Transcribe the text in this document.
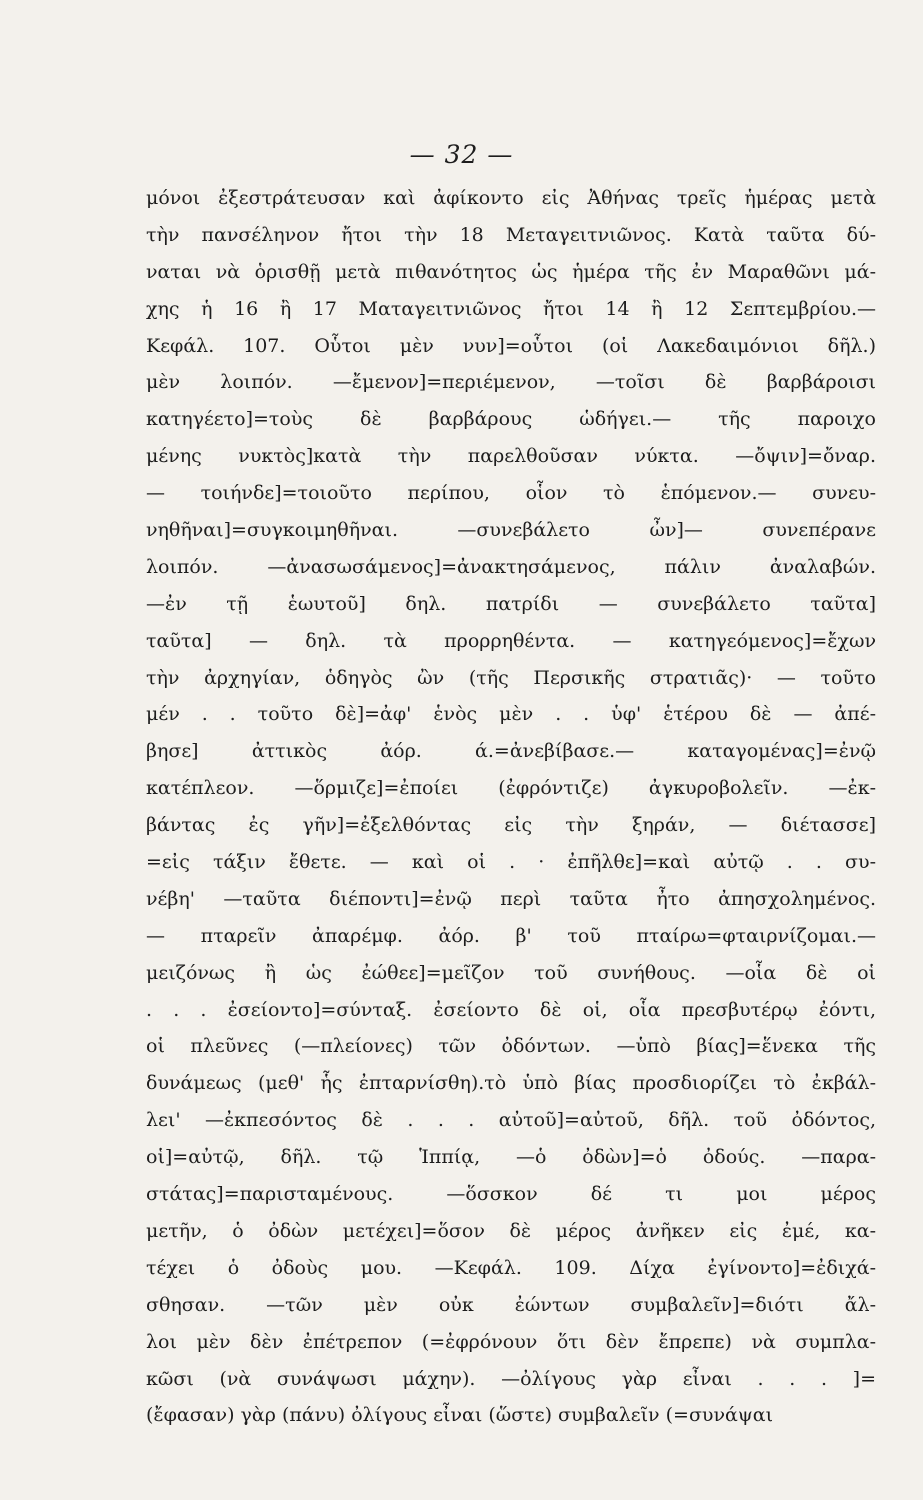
— 32 —
μόνοι ἐξεστράτευσαν καὶ ἀφίκοντο εἰς Ἀθήνας τρεῖς ἡμέρας μετὰ
τὴν πανσέληνον ἤτοι τὴν 18 Μεταγειτνιῶνος. Κατὰ ταῦτα δύ-
ναται νὰ ὁρισθῇ μετὰ πιθανότητος ὡς ἡμέρα τῆς ἐν Μαραθῶνι μά-
χης ἡ 16 ἢ 17 Ματαγειτνιῶνος ἤτοι 14 ἢ 12 Σεπτεμβρίου.—
Κεφάλ. 107. Οὗτοι μὲν νυν]=οὗτοι (οἱ Λακεδαιμόνιοι δῆλ.)
μὲν λοιπόν. —ἔμενον]=περιέμενον, —τοῖσι δὲ βαρβάροισι
κατηγέετο]=τοὺς δὲ βαρβάρους ὡδήγει.— τῆς παροιχο
μένης νυκτὸς]κατὰ τὴν παρελθοῦσαν νύκτα. —ὄψιν]=ὄναρ.
— τοιήνδε]=τοιοῦτο περίπου, οἷον τὸ ἑπόμενον.— συνευ-
νηθῆναι]=συγκοιμηθῆναι. —συνεβάλετο ὦν]— συνεπέρανε
λοιπόν. —ἀνασωσάμενος]=ἀνακτησάμενος, πάλιν ἀναλαβών.
—ἐν τῇ ἑωυτοῦ] δηλ. πατρίδι — συνεβάλετο ταῦτα]
ταῦτα] — δηλ. τὰ προρρηθέντα. — κατηγεόμενος]=ἔχων
τὴν ἀρχηγίαν, ὁδηγὸς ὢν (τῆς Περσικῆς στρατιᾶς)· — τοῦτο
μέν . . τοῦτο δὲ]=ἀφ' ἑνὸς μὲν . . ὑφ' ἑτέρου δὲ — ἀπέ-
βησε] ἀττικὸς ἀόρ. ά.=ἀνεβίβασε.— καταγομένας]=ἐνῷ
κατέπλεον. —ὅρμιζε]=ἐποίει (ἐφρόντιζε) ἀγκυροβολεῖν. —ἐκ-
βάντας ἐς γῆν]=ἐξελθόντας εἰς τὴν ξηράν, — διέτασσε]
=εἰς τάξιν ἔθετε. — καὶ οἱ . · ἐπῆλθε]=καὶ αὐτῷ . . συ-
νέβη' —ταῦτα διέποντι]=ἐνῷ περὶ ταῦτα ἦτο ἀπησχολημένος.
— πταρεῖν ἀπαρέμφ. ἀόρ. β' τοῦ πταίρω=φταιρνίζομαι.—
μειζόνως ἢ ὡς ἐώθεε]=μεῖζον τοῦ συνήθους. —οἷα δὲ οἱ
. . . ἐσείοντο]=σύνταξ. ἐσείοντο δὲ οἱ, οἷα πρεσβυτέρῳ ἐόντι,
οἱ πλεῦνες (—πλείονες) τῶν ὀδόντων. —ὑπὸ βίας]=ἕνεκα τῆς
δυνάμεως (μεθ' ἧς ἐπταρνίσθη).τὸ ὑπὸ βίας προσδιορίζει τὸ ἐκβάλ-
λει' —ἐκπεσόντος δὲ . . . αὐτοῦ]=αὐτοῦ, δῆλ. τοῦ ὀδόντος,
οἱ]=αὐτῷ, δῆλ. τῷ Ἱππίᾳ, —ὁ ὀδὼν]=ὁ ὀδούς. —παρα-
στάτας]=παρισταμένους. —ὅσσκον δέ τι μοι μέρος
μετῆν, ὁ ὀδὼν μετέχει]=ὅσον δὲ μέρος ἀνῆκεν εἰς ἐμέ, κα-
τέχει ὁ ὀδοὺς μου. —Κεφάλ. 109. Δίχα ἐγίνοντο]=ἐδιχά-
σθησαν. —τῶν μὲν οὐκ ἐώντων συμβαλεῖν]=διότι ἄλ-
λοι μὲν δὲν ἐπέτρεπον (=ἐφρόνουν ὅτι δὲν ἔπρεπε) νὰ συμπλα-
κῶσι (νὰ συνάψωσι μάχην). —ὀλίγους γὰρ εἶναι . . . ]=
(ἔφασαν) γὰρ (πάνυ) ὀλίγους εἶναι (ὥστε) συμβαλεῖν (=συνάψαι
